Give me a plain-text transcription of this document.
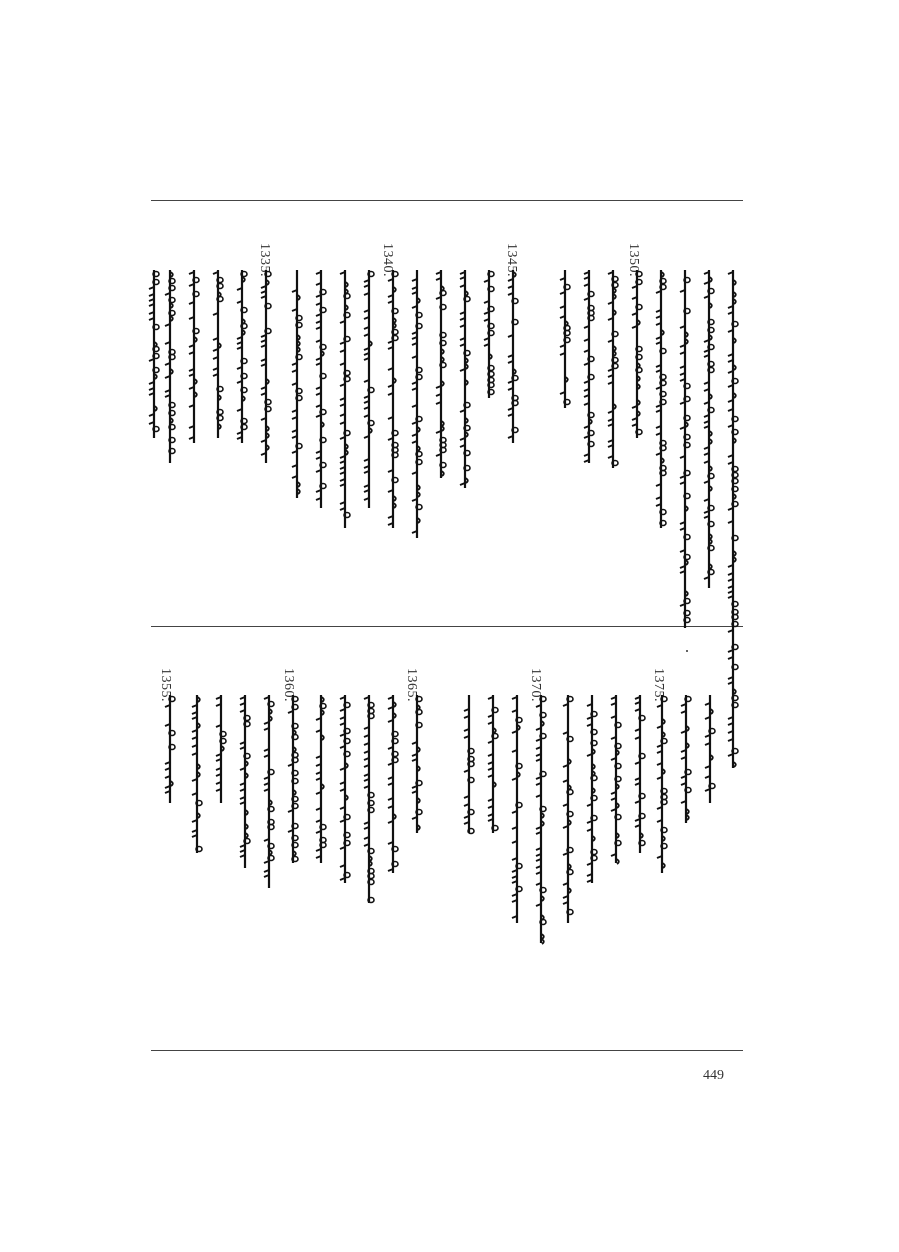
1350.
1345.
1340.
1335.
1375.
1370.
1365.
1360.
1355.
449
